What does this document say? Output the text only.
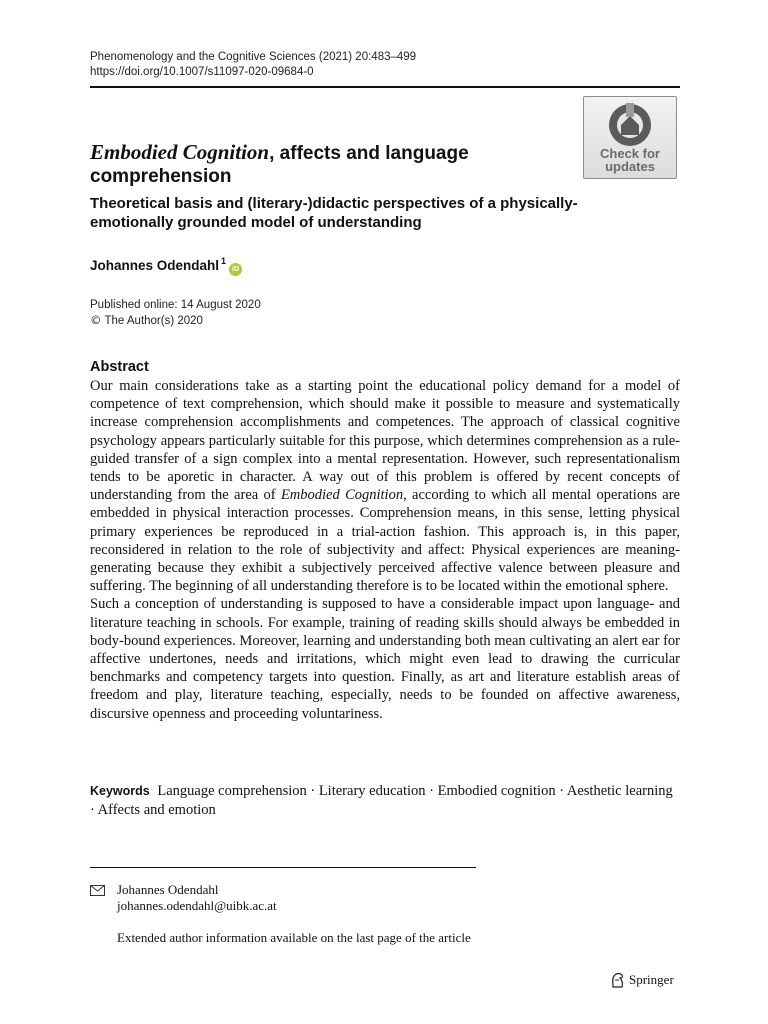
Phenomenology and the Cognitive Sciences (2021) 20:483–499
https://doi.org/10.1007/s11097-020-09684-0
Check for
updates
Embodied Cognition, affects and language comprehension
Theoretical basis and (literary-)didactic perspectives of a physically-emotionally grounded model of understanding
Johannes Odendahl $^1$iD
Published online: 14 August 2020
© The Author(s) 2020
Abstract

Our main considerations take as a starting point the educational policy demand for a model of competence of text comprehension, which should make it possible to measure and systematically increase comprehension accomplishments and competences. The approach of classical cognitive psychology appears particularly suitable for this purpose, which determines comprehension as a rule-guided transfer of a sign complex into a mental representation. However, such representationalism tends to be aporetic in character. A way out of this problem is offered by recent concepts of understanding from the area of Embodied Cognition, according to which all mental operations are embedded in physical interaction processes. Comprehension means, in this sense, letting physical primary experiences be reproduced in a trial-action fashion. This approach is, in this paper, reconsidered in relation to the role of subjectivity and affect: Physical experiences are meaning-generating because they exhibit a subjectively perceived affective valence between pleasure and suffering. The beginning of all understanding therefore is to be located within the emotional sphere.

Such a conception of understanding is supposed to have a considerable impact upon language- and literature teaching in schools. For example, training of reading skills should always be embedded in body-bound experiences. Moreover, learning and understanding both mean cultivating an alert ear for affective undertones, needs and irritations, which might even lead to drawing the curricular benchmarks and competency targets into question. Finally, as art and literature establish areas of freedom and play, literature teaching, especially, needs to be founded on affective awareness, discursive openness and proceeding voluntariness.

Keywords Language comprehension · Literary education · Embodied cognition · Aesthetic learning · Affects and emotion
Johannes Odendahl
johannes.odendahl@uibk.ac.at
Extended author information available on the last page of the article
Springer
